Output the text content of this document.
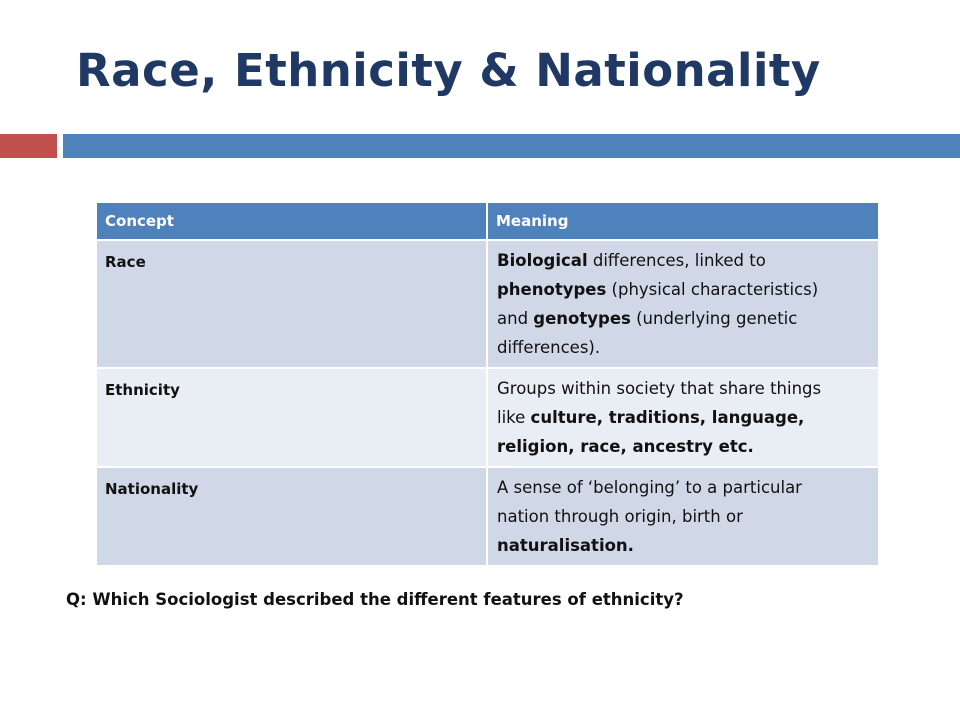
Race, Ethnicity & Nationality
Concept	Meaning
Race	Biological differences, linked to
phenotypes (physical characteristics)
and genotypes (underlying genetic
differences).

Ethnicity	Groups within society that share things
like culture, traditions, language,
religion, race, ancestry etc.

Nationality	A sense of ‘belonging’ to a particular
nation through origin, birth or
naturalisation.

Q: Which Sociologist described the different features of ethnicity?
